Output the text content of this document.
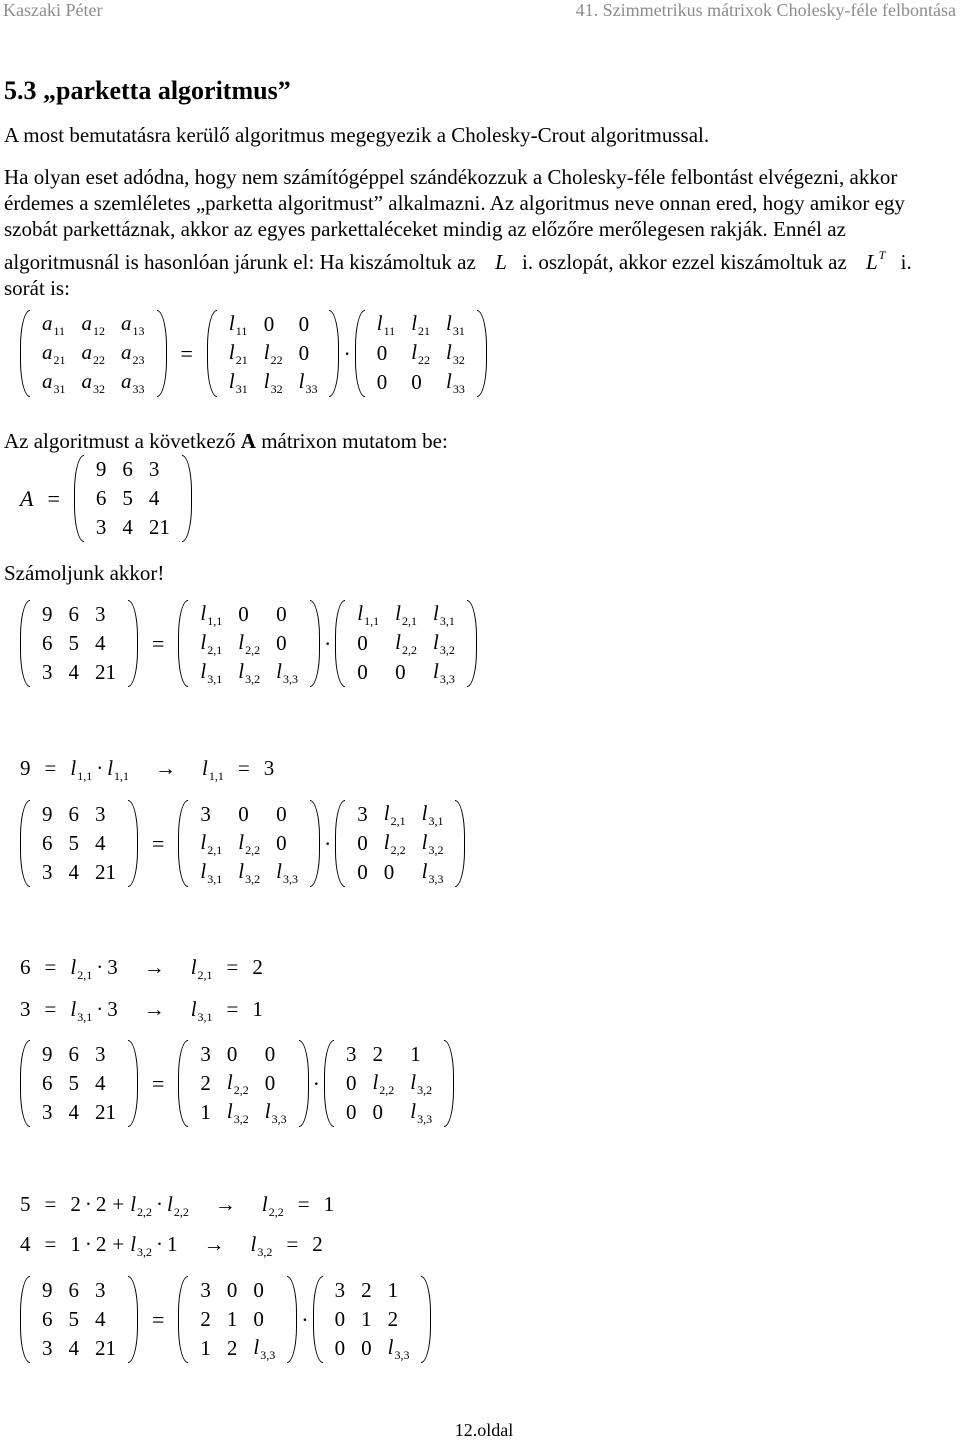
Kaszaki Péter	41. Szimmetrikus mátrixok Cholesky-féle felbontása
5.3 „parketta algoritmus”

A most bemutatásra kerülő algoritmus megegyezik a Cholesky-Crout algoritmussal.

Ha olyan eset adódna, hogy nem számítógéppel szándékozzuk a Cholesky-féle felbontást elvégezni, akkor érdemes a szemléletes „parketta algoritmust” alkalmazni. Az algoritmus neve onnan ered, hogy amikor egy szobát parkettáznak, akkor az egyes parkettaléceket mindig az előzőre merőlegesen rakják. Ennél az algoritmusnál is hasonlóan járunk el: Ha kiszámoltuk az L i. oszlopát, akkor ezzel kiszámoltuk az $L^T$ i. sorát is:

$a_{11}$	$a_{12}$	$a_{13}$
$a_{21}$	$a_{22}$	$a_{23}$
$a_{31}$	$a_{32}$	$a_{33}$
=
$l_{11}$	0	0
$l_{21}$	$l_{22}$	0
$l_{31}$	$l_{32}$	$l_{33}$
·
$l_{11}$	$l_{21}$	$l_{31}$
0	$l_{22}$	$l_{32}$
0	0	$l_{33}$

Az algoritmust a következő A mátrixon mutatom be:

A =
9	6	3
6	5	4
3	4	21

Számoljunk akkor!

9	6	3
6	5	4
3	4	21
=
$l_{1,1}$	0	0
$l_{2,1}$	$l_{2,2}$	0
$l_{3,1}$	$l_{3,2}$	$l_{3,3}$
·
$l_{1,1}$	$l_{2,1}$	$l_{3,1}$
0	$l_{2,2}$	$l_{3,2}$
0	0	$l_{3,3}$
$9 = l_{1,1} \cdot l_{1,1} \to l_{1,1} = 3$
9	6	3
6	5	4
3	4	21
=
3	0	0
$l_{2,1}$	$l_{2,2}$	0
$l_{3,1}$	$l_{3,2}$	$l_{3,3}$
·
3	$l_{2,1}$	$l_{3,1}$
0	$l_{2,2}$	$l_{3,2}$
0	0	$l_{3,3}$
$6 = l_{2,1} \cdot 3 \to l_{2,1} = 2$
$3 = l_{3,1} \cdot 3 \to l_{3,1} = 1$
9	6	3
6	5	4
3	4	21
=
3	0	0
2	$l_{2,2}$	0
1	$l_{3,2}$	$l_{3,3}$
·
3	2	1
0	$l_{2,2}$	$l_{3,2}$
0	0	$l_{3,3}$
$5 = 2 \cdot 2 + l_{2,2} \cdot l_{2,2} \to l_{2,2} = 1$
$4 = 1 \cdot 2 + l_{3,2} \cdot 1 \to l_{3,2} = 2$
9	6	3
6	5	4
3	4	21
=
3	0	0
2	1	0
1	2	$l_{3,3}$
·
3	2	1
0	1	2
0	0	$l_{3,3}$
12.oldal
